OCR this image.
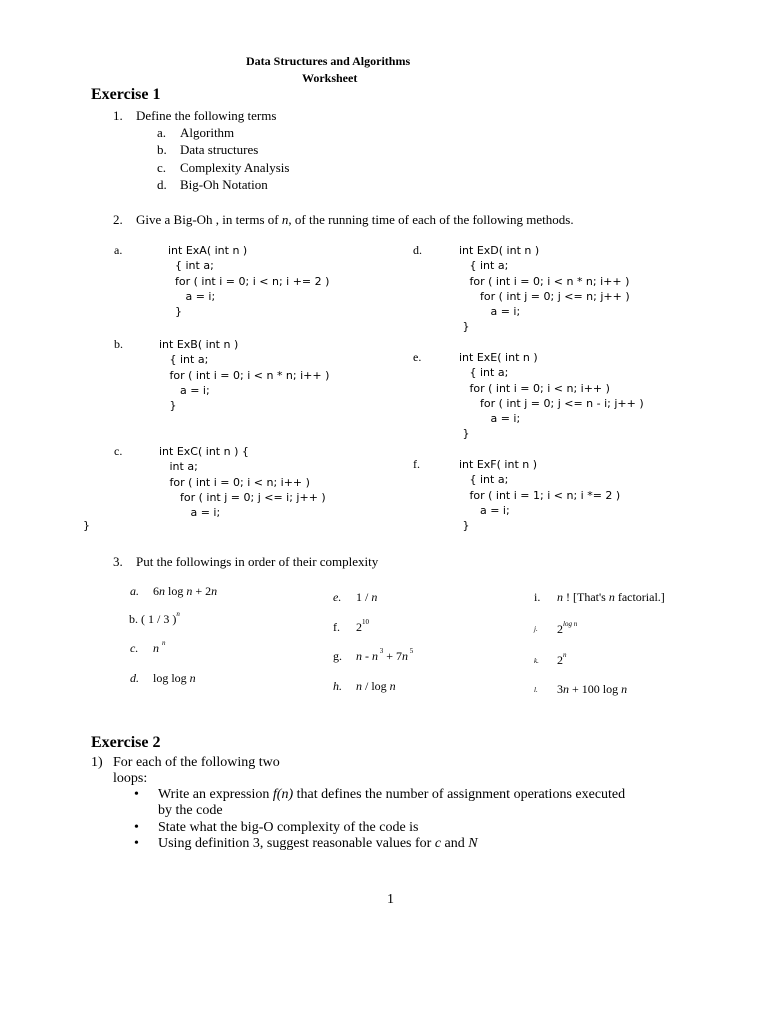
Data Structures and Algorithms
Worksheet
Exercise 1
1. Define the following terms
a. Algorithm
b. Data structures
c. Complexity Analysis
d. Big-Oh Notation
2. Give a Big-Oh , in terms of n, of the running time of each of the following methods.
a.	int ExA( int n )
{ int a;
for ( int i = 0; i < n; i += 2 )
a = i;
}
b.	int ExB( int n )
{ int a;
for ( int i = 0; i < n * n; i++ )
a = i;
}
c.	int ExC( int n ) {
int a;
for ( int i = 0; i < n; i++ )
for ( int j = 0; j <= i; j++ )
a = i;
d.	int ExD( int n )
{ int a;
for ( int i = 0; i < n * n; i++ )
for ( int j = 0; j <= n; j++ )
a = i;
}
e.	int ExE( int n )
{ int a;
for ( int i = 0; i < n; i++ )
for ( int j = 0; j <= n - i; j++ )
a = i;
}
f.	int ExF( int n )
{ int a;
for ( int i = 1; i < n; i *= 2 )
a = i;
}
}
3. Put the followings in order of their complexity
a. 6n log n + 2n
b. ( 1 / 3 )$^n$
c. n $^n$
d. log log n
e. 1 / n
f. $2^{10}$
g. n - n $^3$ + 7n $^5$
h. n / log n
i. n ! [That's n factorial.]
j. $2^{log n}$
k. 2$^n$
l. 3n + 100 log n
Exercise 2
1) For each of the following two
loops:
• Write an expression f(n) that defines the number of assignment operations executed
by the code
• State what the big-O complexity of the code is
• Using definition 3, suggest reasonable values for c and N
1
